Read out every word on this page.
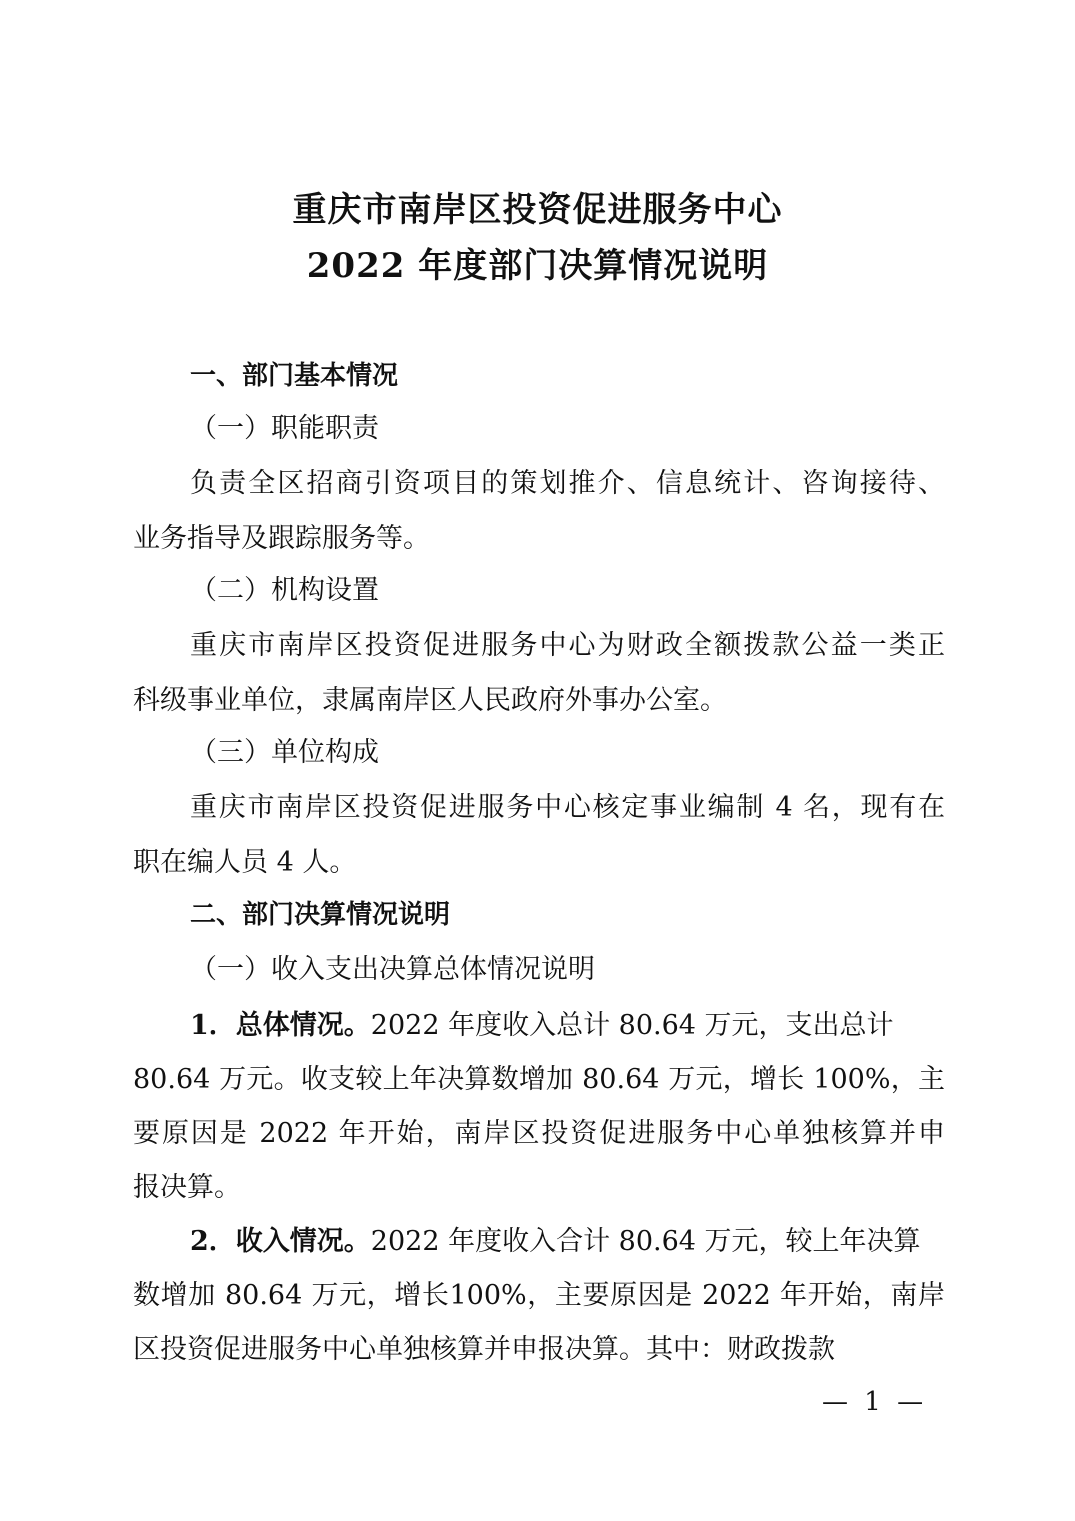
重庆市南岸区投资促进服务中心
2022 年度部门决算情况说明
一、部门基本情况
（一）职能职责
负责全区招商引资项目的策划推介、信息统计、咨询接待、
业务指导及跟踪服务等。
（二）机构设置
重庆市南岸区投资促进服务中心为财政全额拨款公益一类正
科级事业单位，隶属南岸区人民政府外事办公室。
（三）单位构成
重庆市南岸区投资促进服务中心核定事业编制 4 名，现有在
职在编人员 4 人。
二、部门决算情况说明
（一）收入支出决算总体情况说明
1．总体情况。2022 年度收入总计 80.64 万元，支出总计
80.64 万元。收支较上年决算数增加 80.64 万元，增长 100%，主
要原因是 2022 年开始，南岸区投资促进服务中心单独核算并申
报决算。
2．收入情况。2022 年度收入合计 80.64 万元，较上年决算
数增加 80.64 万元，增长100%，主要原因是 2022 年开始，南岸
区投资促进服务中心单独核算并申报决算。其中：财政拨款
— 1 —
